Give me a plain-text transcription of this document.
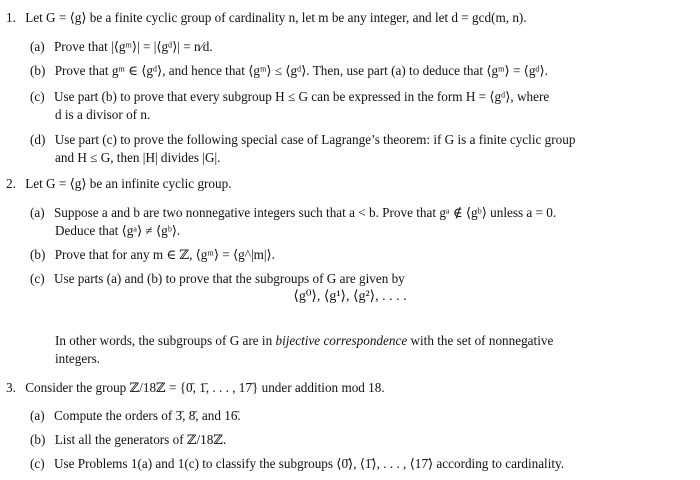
1. Let G = ⟨g⟩ be a finite cyclic group of cardinality n, let m be any integer, and let d = gcd(m, n).
(a) Prove that |⟨gᵐ⟩| = |⟨gᵈ⟩| = n⁄d.
(b) Prove that gᵐ ∈ ⟨gᵈ⟩, and hence that ⟨gᵐ⟩ ≤ ⟨gᵈ⟩. Then, use part (a) to deduce that ⟨gᵐ⟩ = ⟨gᵈ⟩.
(c) Use part (b) to prove that every subgroup H ≤ G can be expressed in the form H = ⟨gᵈ⟩, where
d is a divisor of n.
(d) Use part (c) to prove the following special case of Lagrange’s theorem: if G is a finite cyclic group
and H ≤ G, then |H| divides |G|.
2. Let G = ⟨g⟩ be an infinite cyclic group.
(a) Suppose a and b are two nonnegative integers such that a < b. Prove that gᵃ ∉ ⟨gᵇ⟩ unless a = 0.
Deduce that ⟨gᵃ⟩ ≠ ⟨gᵇ⟩.
(b) Prove that for any m ∈ ℤ, ⟨gᵐ⟩ = ⟨g^|m|⟩.
(c) Use parts (a) and (b) to prove that the subgroups of G are given by
⟨g⁰⟩, ⟨g¹⟩, ⟨g²⟩, . . . .
In other words, the subgroups of G are in bijective correspondence with the set of nonnegative
integers.
3. Consider the group ℤ/18ℤ = {0̄, 1̄, . . . , 17̄} under addition mod 18.
(a) Compute the orders of 3̄, 8̄, and 16̄.
(b) List all the generators of ℤ/18ℤ.
(c) Use Problems 1(a) and 1(c) to classify the subgroups ⟨0̄⟩, ⟨1̄⟩, . . . , ⟨17̄⟩ according to cardinality.
